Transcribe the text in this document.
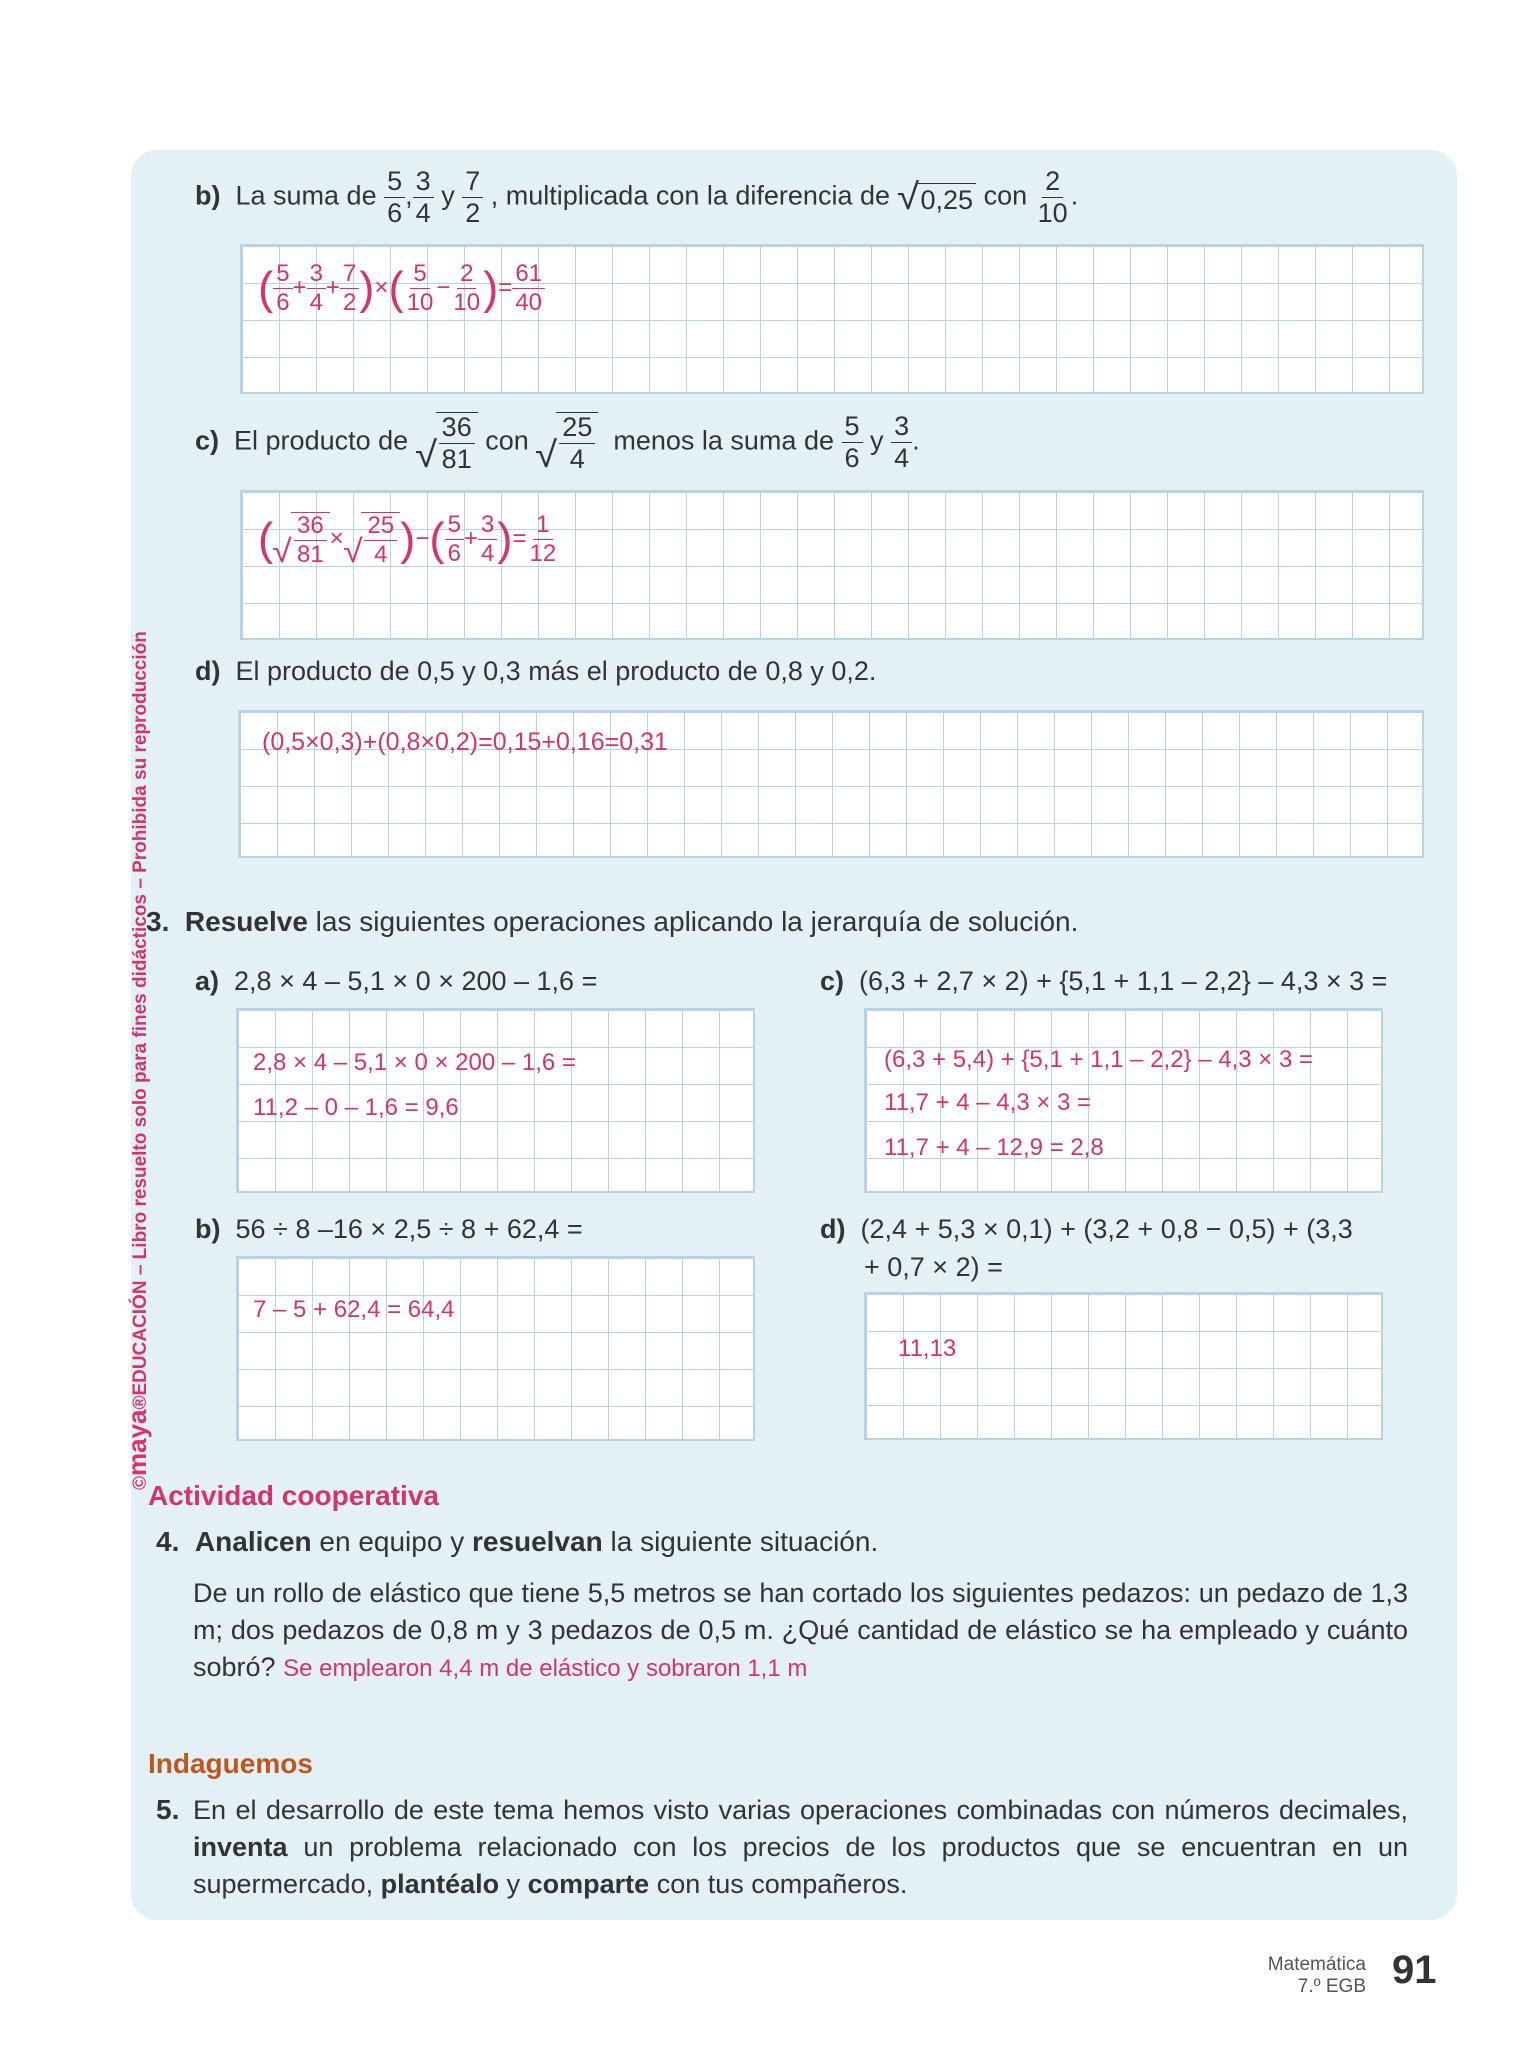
©maya®EDUCACIÓN – Libro resuelto solo para fines didácticos – Prohibida su reproducción
b) La suma de $\frac{5}{6}$ , $\frac{3}{4}$ y $\frac{7}{2}$ , multiplicada con la diferencia de √ 0,25 con $\frac{2}{10}$ .
( $\frac{5}{6} + \frac{3}{4} + \frac{7}{2}$ )×( $\frac{5}{10} - \frac{2}{10}$ )= $\frac{61}{40}$
c) El producto de √ $\frac{36}{81}$ con √ $\frac{25}{4}$ menos la suma de $\frac{5}{6}$ y $\frac{3}{4}$ .
( √ $\frac{36}{81}$ × √ $\frac{25}{4}$ )−( $\frac{5}{6} + \frac{3}{4}$ )= $\frac{1}{12}$
d) El producto de 0,5 y 0,3 más el producto de 0,8 y 0,2.
(0,5×0,3)+(0,8×0,2)=0,15+0,16=0,31
3. Resuelve las siguientes operaciones aplicando la jerarquía de solución.
a) 2,8 × 4 – 5,1 × 0 × 200 – 1,6 =
2,8 × 4 – 5,1 × 0 × 200 – 1,6 =
11,2 – 0 – 1,6 = 9,6
c) (6,3 + 2,7 × 2) + {5,1 + 1,1 – 2,2} – 4,3 × 3 =
(6,3 + 5,4) + {5,1 + 1,1 – 2,2} – 4,3 × 3 =
11,7 + 4 – 4,3 × 3 =
11,7 + 4 – 12,9 = 2,8
b) 56 ÷ 8 –16 × 2,5 ÷ 8 + 62,4 =
7 – 5 + 62,4 = 64,4
d) (2,4 + 5,3 × 0,1) + (3,2 + 0,8 − 0,5) + (3,3
+ 0,7 × 2) =
11,13
Actividad cooperativa
4. Analicen en equipo y resuelvan la siguiente situación.
De un rollo de elástico que tiene 5,5 metros se han cortado los siguientes pedazos: un pedazo de 1,3 m; dos pedazos de 0,8 m y 3 pedazos de 0,5 m. ¿Qué cantidad de elástico se ha empleado y cuánto sobró? Se emplearon 4,4 m de elástico y sobraron 1,1 m
Indaguemos
5. En el desarrollo de este tema hemos visto varias operaciones combinadas con números decimales, inventa un problema relacionado con los precios de los productos que se encuentran en un supermercado, plantéalo y comparte con tus compañeros.
Matemática
7.º EGB 91
